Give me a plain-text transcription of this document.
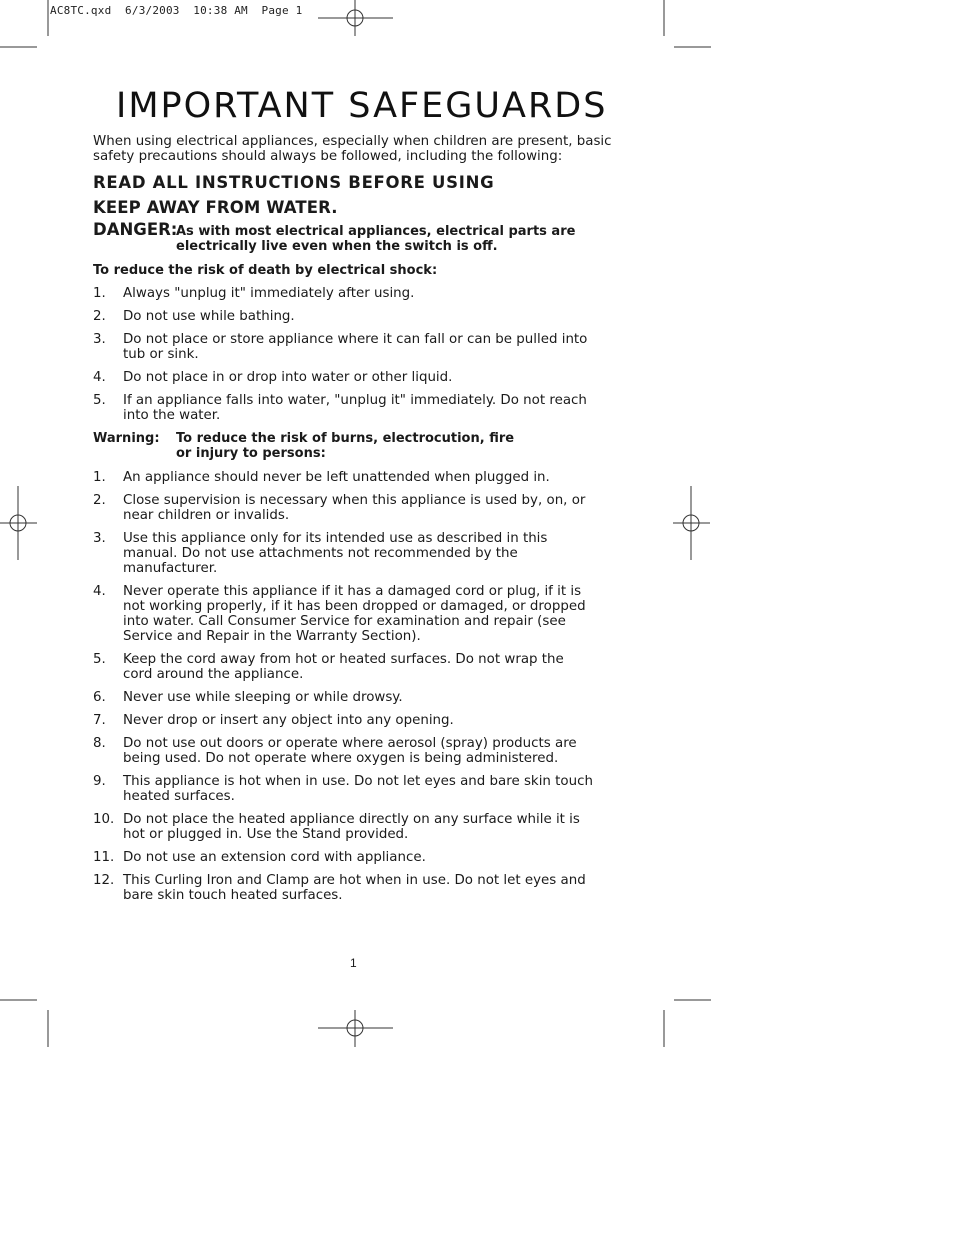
AC8TC.qxd  6/3/2003  10:38 AM  Page 1
IMPORTANT SAFEGUARDS

When using electrical appliances, especially when children are present, basic safety precautions should always be followed, including the following:

READ ALL INSTRUCTIONS BEFORE USING
KEEP AWAY FROM WATER.
DANGER:
As with most electrical appliances, electrical parts are electrically live even when the switch is off.
To reduce the risk of death by electrical shock:
1.	Always "unplug it" immediately after using.
2.	Do not use while bathing.
3.	Do not place or store appliance where it can fall or can be pulled into tub or sink.
4.	Do not place in or drop into water or other liquid.
5.	If an appliance falls into water, "unplug it" immediately. Do not reach into the water.
Warning:	To reduce the risk of burns, electrocution, fire or injury to persons:
1.	An appliance should never be left unattended when plugged in.
2.	Close supervision is necessary when this appliance is used by, on, or near children or invalids.
3.	Use this appliance only for its intended use as described in this manual. Do not use attachments not recommended by the manufacturer.
4.	Never operate this appliance if it has a damaged cord or plug, if it is not working properly, if it has been dropped or damaged, or dropped into water. Call Consumer Service for examination and repair (see Service and Repair in the Warranty Section).
5.	Keep the cord away from hot or heated surfaces. Do not wrap the cord around the appliance.
6.	Never use while sleeping or while drowsy.
7.	Never drop or insert any object into any opening.
8.	Do not use out doors or operate where aerosol (spray) products are being used. Do not operate where oxygen is being administered.
9.	This appliance is hot when in use. Do not let eyes and bare skin touch heated surfaces.
10. Do not place the heated appliance directly on any surface while it is hot or plugged in. Use the Stand provided.
11. Do not use an extension cord with appliance.
12. This Curling Iron and Clamp are hot when in use. Do not let eyes and bare skin touch heated surfaces.
1
